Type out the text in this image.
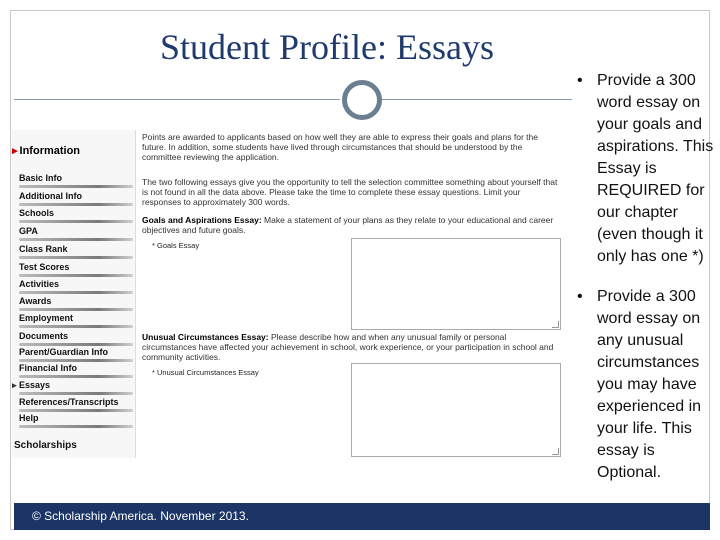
Student Profile: Essays
▸ Information
Basic Info
Additional Info
Schools
GPA
Class Rank
Test Scores
Activities
Awards
Employment
Documents
Parent/Guardian Info
Financial Info
▸ Essays
References/Transcripts
Help
Scholarships
Points are awarded to applicants based on how well they are able to express their goals and plans for the future. In addition, some students have lived through circumstances that should be understood by the committee reviewing the application.
The two following essays give you the opportunity to tell the selection committee something about yourself that is not found in all the data above. Please take the time to complete these essay questions. Limit your responses to approximately 300 words.
Goals and Aspirations Essay: Make a statement of your plans as they relate to your educational and career objectives and future goals.
* Goals Essay
Unusual Circumstances Essay: Please describe how and when any unusual family or personal circumstances have affected your achievement in school, work experience, or your participation in school and community activities.
* Unusual Circumstances Essay
• Provide a 300 word essay on your goals and aspirations. This Essay is REQUIRED for our chapter (even though it only has one *)
• Provide a 300 word essay on any unusual circumstances you may have experienced in your life. This essay is Optional.
© Scholarship America. November 2013.
